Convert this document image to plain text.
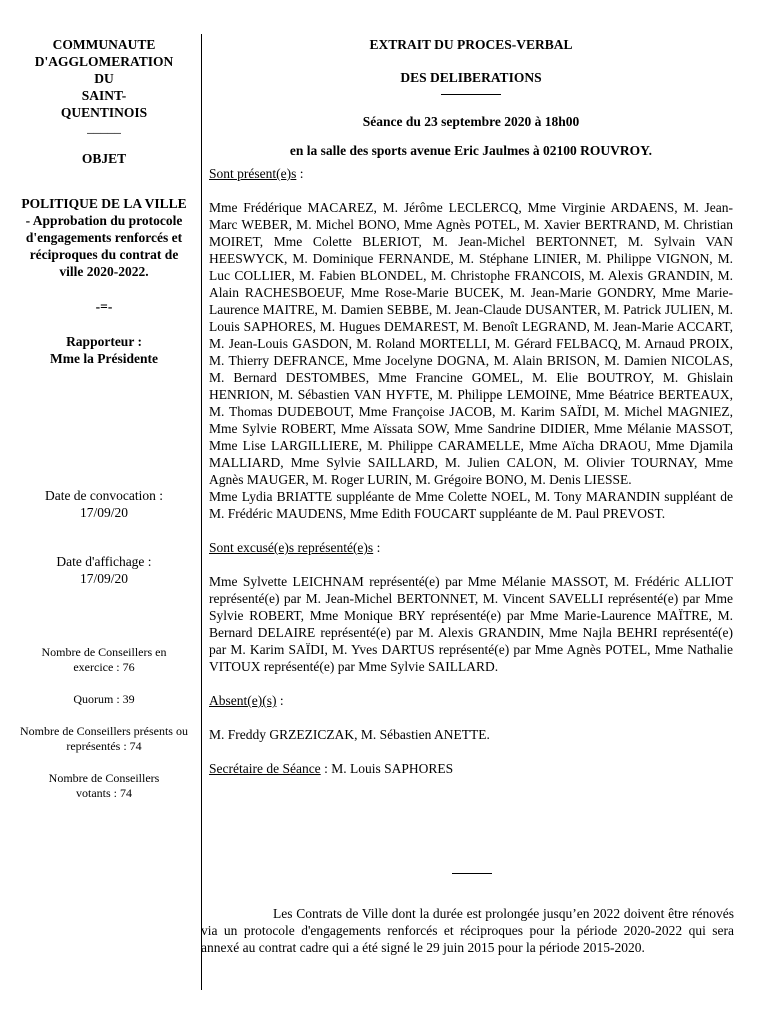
COMMUNAUTE
D'AGGLOMERATION
DU
SAINT-
QUENTINOIS
_____
OBJET
POLITIQUE DE LA VILLE - Approbation du protocole d'engagements renforcés et réciproques du contrat de ville 2020-2022.
-=-
Rapporteur :
Mme la Présidente
Date de convocation :
17/09/20
Date d'affichage :
17/09/20
Nombre de Conseillers en exercice : 76
Quorum : 39
Nombre de Conseillers présents ou représentés : 74
Nombre de Conseillers votants : 74
EXTRAIT DU PROCES-VERBAL
DES DELIBERATIONS
Séance du 23 septembre 2020 à 18h00
en la salle des sports avenue Eric Jaulmes à 02100 ROUVROY.
Sont présent(e)s :
Mme Frédérique MACAREZ, M. Jérôme LECLERCQ, Mme Virginie ARDAENS, M. Jean-Marc WEBER, M. Michel BONO, Mme Agnès POTEL, M. Xavier BERTRAND, M. Christian MOIRET, Mme Colette BLERIOT, M. Jean-Michel BERTONNET, M. Sylvain VAN HEESWYCK, M. Dominique FERNANDE, M. Stéphane LINIER, M. Philippe VIGNON, M. Luc COLLIER, M. Fabien BLONDEL, M. Christophe FRANCOIS, M. Alexis GRANDIN, M. Alain RACHESBOEUF, Mme Rose-Marie BUCEK, M. Jean-Marie GONDRY, Mme Marie-Laurence MAITRE, M. Damien SEBBE, M. Jean-Claude DUSANTER, M. Patrick JULIEN, M. Louis SAPHORES, M. Hugues DEMAREST, M. Benoît LEGRAND, M. Jean-Marie ACCART, M. Jean-Louis GASDON, M. Roland MORTELLI, M. Gérard FELBACQ, M. Arnaud PROIX, M. Thierry DEFRANCE, Mme Jocelyne DOGNA, M. Alain BRISON, M. Damien NICOLAS, M. Bernard DESTOMBES, Mme Francine GOMEL, M. Elie BOUTROY, M. Ghislain HENRION, M. Sébastien VAN HYFTE, M. Philippe LEMOINE, Mme Béatrice BERTEAUX, M. Thomas DUDEBOUT, Mme Françoise JACOB, M. Karim SAÏDI, M. Michel MAGNIEZ, Mme Sylvie ROBERT, Mme Aïssata SOW, Mme Sandrine DIDIER, Mme Mélanie MASSOT, Mme Lise LARGILLIERE, M. Philippe CARAMELLE, Mme Aïcha DRAOU, Mme Djamila MALLIARD, Mme Sylvie SAILLARD, M. Julien CALON, M. Olivier TOURNAY, Mme Agnès MAUGER, M. Roger LURIN, M. Grégoire BONO, M. Denis LIESSE.
Mme Lydia BRIATTE suppléante de Mme Colette NOEL, M. Tony MARANDIN suppléant de M. Frédéric MAUDENS, Mme Edith FOUCART suppléante de M. Paul PREVOST.
Sont excusé(e)s représenté(e)s :
Mme Sylvette LEICHNAM représenté(e) par Mme Mélanie MASSOT, M. Frédéric ALLIOT représenté(e) par M. Jean-Michel BERTONNET, M. Vincent SAVELLI représenté(e) par Mme Sylvie ROBERT, Mme Monique BRY représenté(e) par Mme Marie-Laurence MAÏTRE, M. Bernard DELAIRE représenté(e) par M. Alexis GRANDIN, Mme Najla BEHRI représenté(e) par M. Karim SAÏDI, M. Yves DARTUS représenté(e) par Mme Agnès POTEL, Mme Nathalie VITOUX représenté(e) par Mme Sylvie SAILLARD.
Absent(e)(s) :
M. Freddy GRZEZICZAK, M. Sébastien ANETTE.
Secrétaire de Séance : M. Louis SAPHORES
Les Contrats de Ville dont la durée est prolongée jusqu’en 2022 doivent être rénovés via un protocole d'engagements renforcés et réciproques pour la période 2020-2022 qui sera annexé au contrat cadre qui a été signé le 29 juin 2015 pour la période 2015-2020.
